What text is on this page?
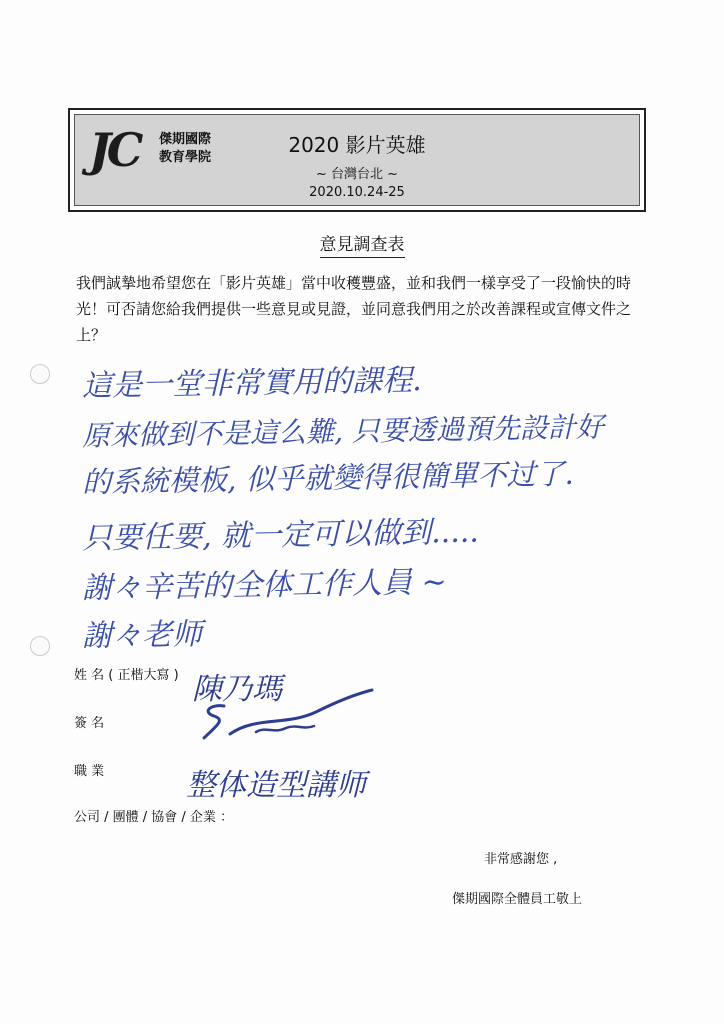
JC 傑期國際
教育學院
2020 影片英雄
~ 台灣台北 ~
2020.10.24-25
意見調查表
我們誠摯地希望您在「影片英雄」當中收穫豐盛，並和我們一樣享受了一段愉快的時光！可否請您給我們提供一些意見或見證，並同意我們用之於改善課程或宣傳文件之上？
這是一堂非常實用的課程.
原來做到不是這么難, 只要透過預先設計好
的系統模板, 似乎就變得很簡單不过了.
只要任要, 就一定可以做到.....
謝々辛苦的全体工作人員 ~
謝々老师
姓 名 ( 正楷大寫 ) 陳乃瑪
簽 名
職 業	整体造型講师
公司 / 團體 / 協會 / 企業 ：
非常感謝您 ,
傑期國際全體員工敬上
